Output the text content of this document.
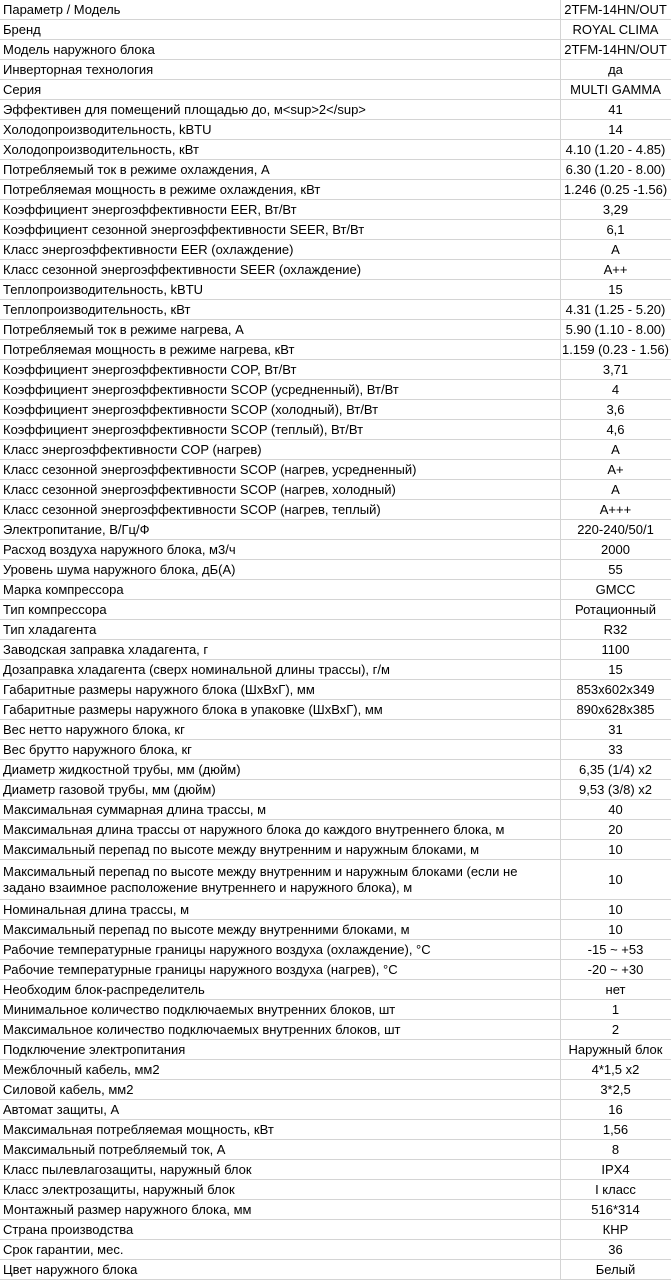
Параметр / Модель	2TFM-14HN/OUT
Бренд	ROYAL CLIMA
Модель наружного блока	2TFM-14HN/OUT
Инверторная технология	да
Серия	MULTI GAMMA
Эффективен для помещений площадью до, м<sup>2</sup>	41
Холодопроизводительность, kBTU	14
Холодопроизводительность, кВт	4.10 (1.20 - 4.85)
Потребляемый ток в режиме охлаждения, А	6.30 (1.20 - 8.00)
Потребляемая мощность в режиме охлаждения, кВт	1.246 (0.25 -1.56)
Коэффициент энергоэффективности EER, Вт/Вт	3,29
Коэффициент сезонной энергоэффективности SEER, Вт/Вт	6,1
Класс энергоэффективности EER (охлаждение)	A
Класс сезонной энергоэффективности SEER (охлаждение)	A++
Теплопроизводительность, kBTU	15
Теплопроизводительность, кВт	4.31 (1.25 - 5.20)
Потребляемый ток в режиме нагрева, А	5.90 (1.10 - 8.00)
Потребляемая мощность в режиме нагрева, кВт	1.159 (0.23 - 1.56)
Коэффициент энергоэффективности COP, Вт/Вт	3,71
Коэффициент энергоэффективности SCOP (усредненный), Вт/Вт	4
Коэффициент энергоэффективности SCOP (холодный), Вт/Вт	3,6
Коэффициент энергоэффективности SCOP (теплый), Вт/Вт	4,6
Класс энергоэффективности COP (нагрев)	A
Класс сезонной энергоэффективности SCOP (нагрев, усредненный)	A+
Класс сезонной энергоэффективности SCOP (нагрев, холодный)	A
Класс сезонной энергоэффективности SCOP (нагрев, теплый)	A+++
Электропитание, В/Гц/Ф	220-240/50/1
Расход воздуха наружного блока, м3/ч	2000
Уровень шума наружного блока, дБ(А)	55
Марка компрессора	GMCC
Тип компрессора	Ротационный
Тип хладагента	R32
Заводская заправка хладагента, г	1100
Дозаправка хладагента (сверх номинальной длины трассы), г/м	15
Габаритные размеры наружного блока (ШхВхГ), мм	853x602x349
Габаритные размеры наружного блока в упаковке (ШхВхГ), мм	890x628x385
Вес нетто наружного блока, кг	31
Вес брутто наружного блока, кг	33
Диаметр жидкостной трубы, мм (дюйм)	6,35 (1/4) x2
Диаметр газовой трубы, мм (дюйм)	9,53 (3/8) x2
Максимальная суммарная длина трассы, м	40
Максимальная длина трассы от наружного блока до каждого внутреннего блока, м	20
Максимальный перепад по высоте между внутренним и наружным блоками, м	10
Максимальный перепад по высоте между внутренним и наружным блоками (если не задано взаимное расположение внутреннего и наружного блока), м	10
Номинальная длина трассы, м	10
Максимальный перепад по высоте между внутренними блоками, м	10
Рабочие температурные границы наружного воздуха (охлаждение), °С	-15 ~ +53
Рабочие температурные границы наружного воздуха (нагрев), °С	-20 ~ +30
Необходим блок-распределитель	нет
Минимальное количество подключаемых внутренних блоков, шт	1
Максимальное количество подключаемых внутренних блоков, шт	2
Подключение электропитания	Наружный блок
Межблочный кабель, мм2	4*1,5 x2
Силовой кабель, мм2	3*2,5
Автомат защиты, А	16
Максимальная потребляемая мощность, кВт	1,56
Максимальный потребляемый ток, А	8
Класс пылевлагозащиты, наружный блок	IPX4
Класс электрозащиты, наружный блок	I класс
Монтажный размер наружного блока, мм	516*314
Страна производства	КНР
Срок гарантии, мес.	36
Цвет наружного блока	Белый
